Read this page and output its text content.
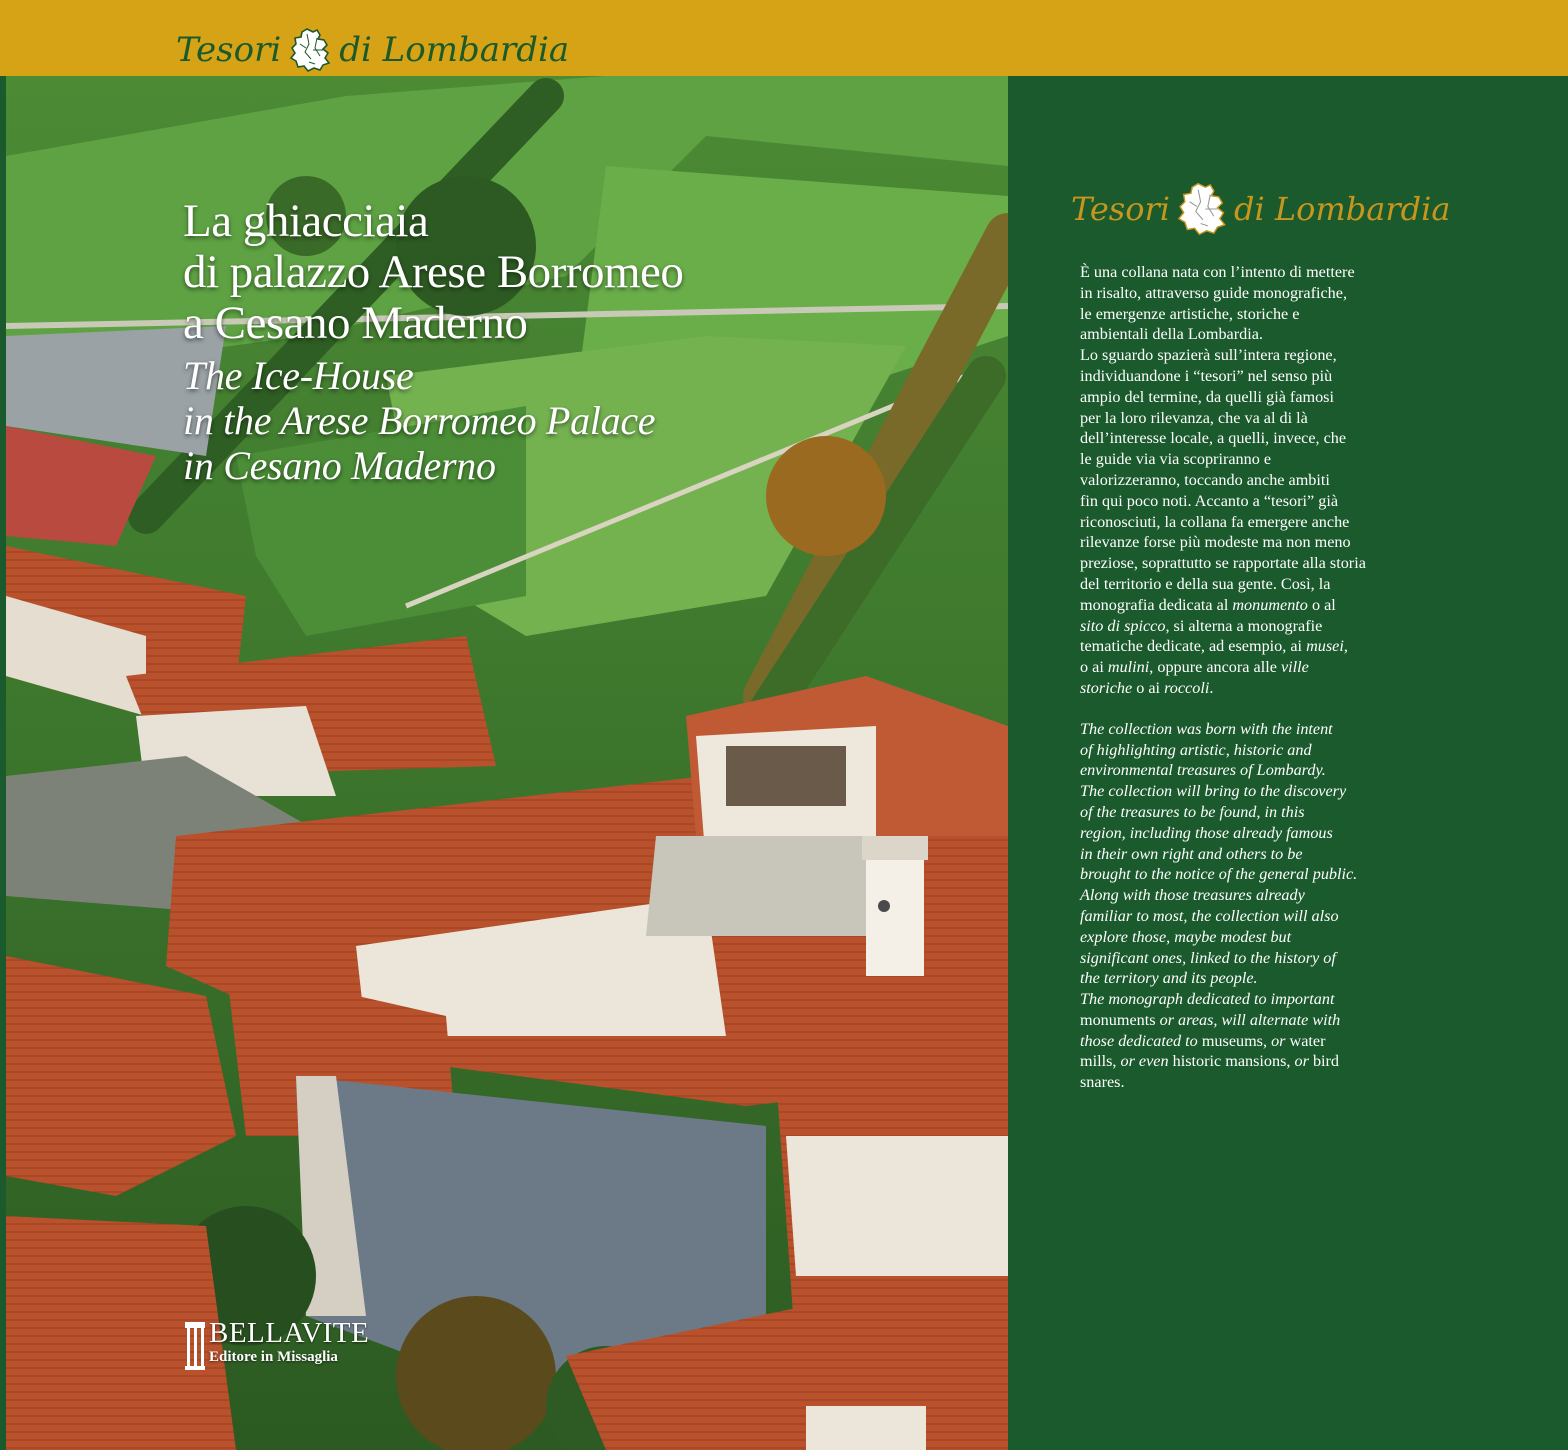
Tesori di Lombardia
La ghiacciaia
di palazzo Arese Borromeo
a Cesano Maderno
The Ice-House
in the Arese Borromeo Palace
in Cesano Maderno
BELLAVITE
Editore in Missaglia
Tesori di Lombardia
È una collana nata con l’intento di mettere
in risalto, attraverso guide monografiche,
le emergenze artistiche, storiche e
ambientali della Lombardia.
Lo sguardo spazierà sull’intera regione,
individuandone i “tesori” nel senso più
ampio del termine, da quelli già famosi
per la loro rilevanza, che va al di là
dell’interesse locale, a quelli, invece, che
le guide via via scopriranno e
valorizzeranno, toccando anche ambiti
fin qui poco noti. Accanto a “tesori” già
riconosciuti, la collana fa emergere anche
rilevanze forse più modeste ma non meno
preziose, soprattutto se rapportate alla storia
del territorio e della sua gente. Così, la
monografia dedicata al monumento o al
sito di spicco, si alterna a monografie
tematiche dedicate, ad esempio, ai musei,
o ai mulini, oppure ancora alle ville
storiche o ai roccoli.
The collection was born with the intent
of highlighting artistic, historic and
environmental treasures of Lombardy.
The collection will bring to the discovery
of the treasures to be found, in this
region, including those already famous
in their own right and others to be
brought to the notice of the general public.
Along with those treasures already
familiar to most, the collection will also
explore those, maybe modest but
significant ones, linked to the history of
the territory and its people.
The monograph dedicated to important
monuments or areas, will alternate with
those dedicated to museums, or water
mills, or even historic mansions, or bird
snares.
